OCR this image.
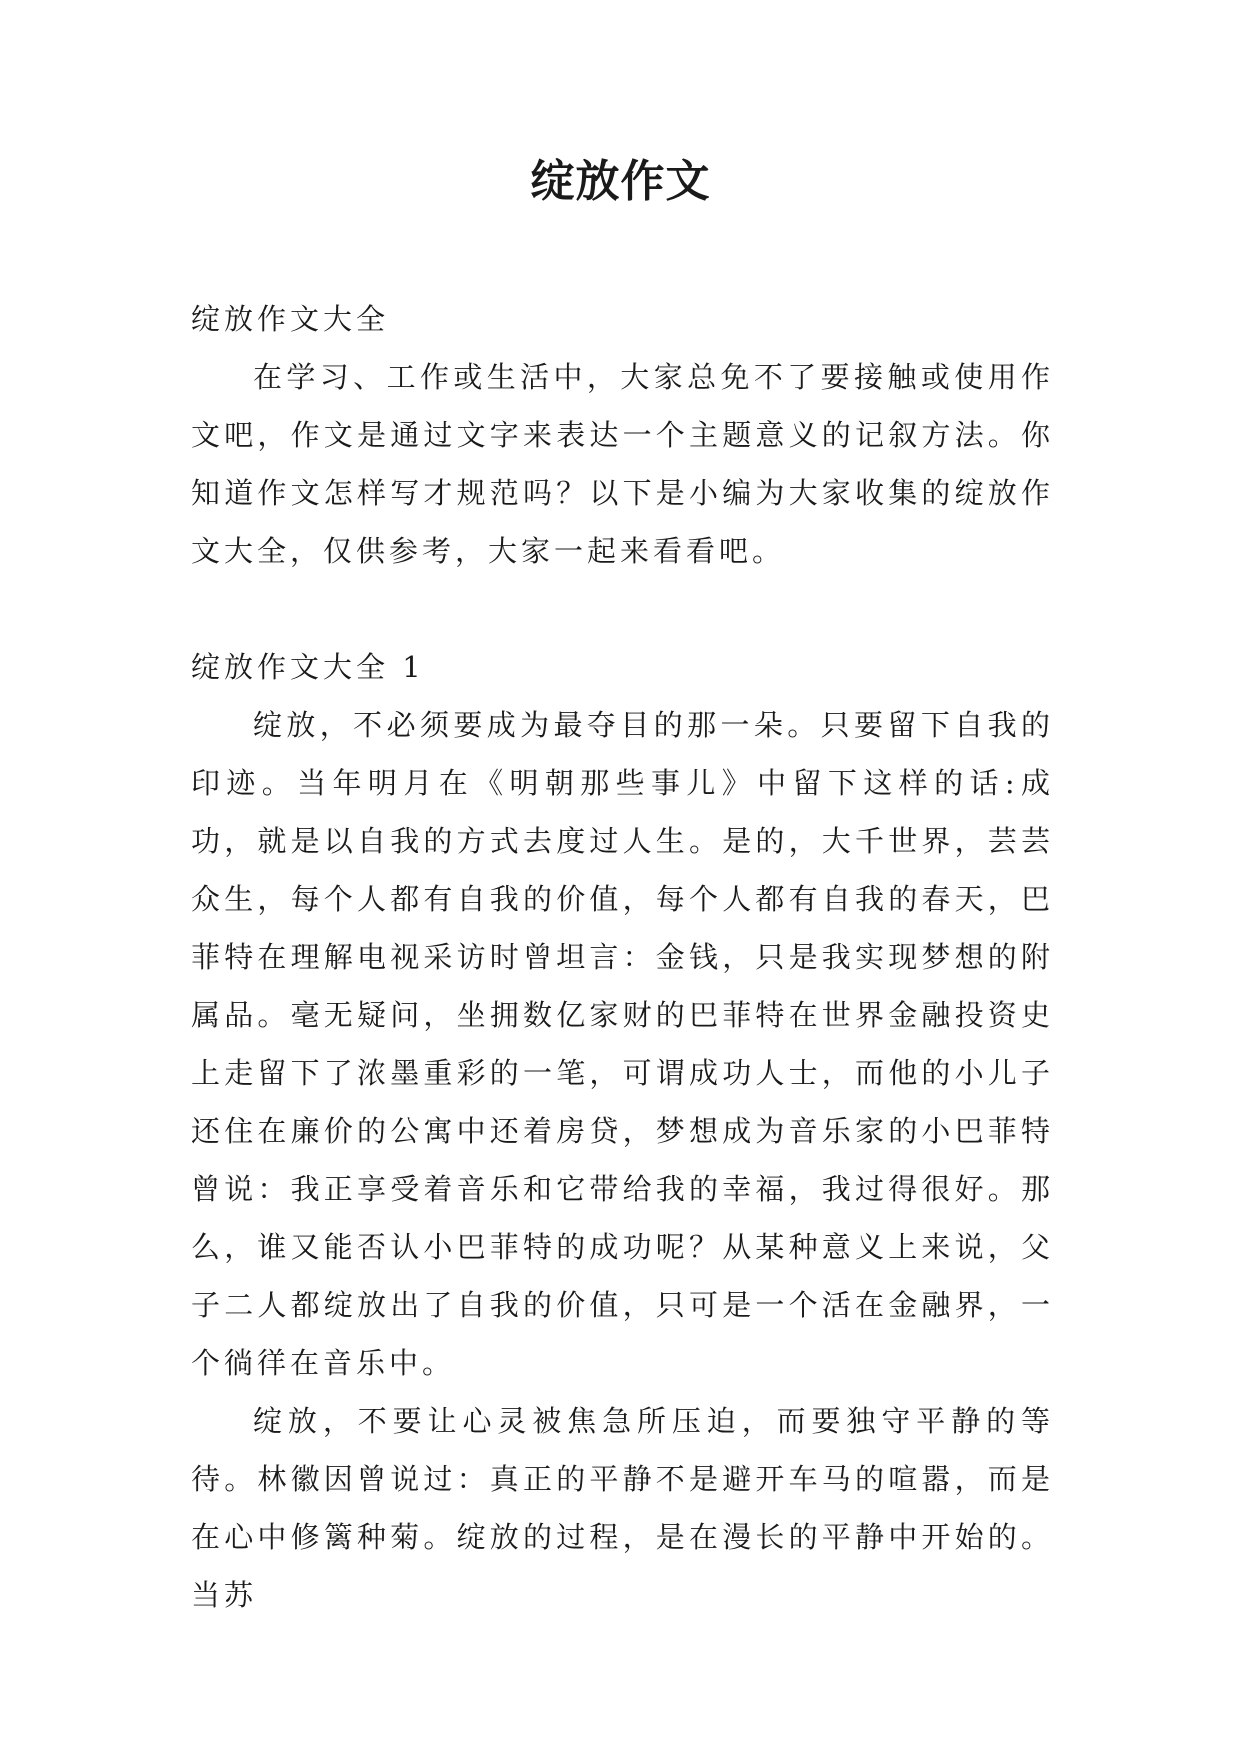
绽放作文

绽放作文大全

在学习、工作或生活中，大家总免不了要接触或使用作文吧，作文是通过文字来表达一个主题意义的记叙方法。你知道作文怎样写才规范吗？以下是小编为大家收集的绽放作文大全，仅供参考，大家一起来看看吧。

绽放作文大全 1

绽放，不必须要成为最夺目的那一朵。只要留下自我的印迹。当年明月在《明朝那些事儿》中留下这样的话:成功，就是以自我的方式去度过人生。是的，大千世界，芸芸众生，每个人都有自我的价值，每个人都有自我的春天，巴菲特在理解电视采访时曾坦言：金钱，只是我实现梦想的附属品。毫无疑问，坐拥数亿家财的巴菲特在世界金融投资史上走留下了浓墨重彩的一笔，可谓成功人士，而他的小儿子还住在廉价的公寓中还着房贷，梦想成为音乐家的小巴菲特曾说：我正享受着音乐和它带给我的幸福，我过得很好。那么，谁又能否认小巴菲特的成功呢？从某种意义上来说，父子二人都绽放出了自我的价值，只可是一个活在金融界，一个徜徉在音乐中。

绽放，不要让心灵被焦急所压迫，而要独守平静的等待。林徽因曾说过：真正的平静不是避开车马的喧嚣，而是在心中修篱种菊。绽放的过程，是在漫长的平静中开始的。当苏
